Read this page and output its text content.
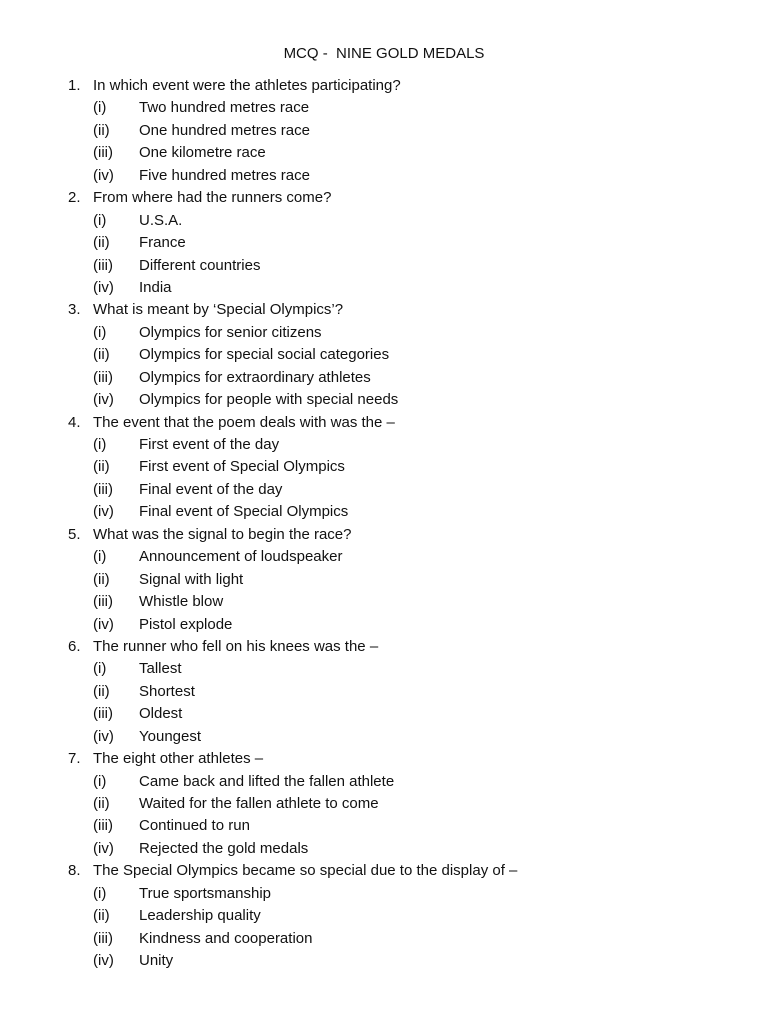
MCQ -  NINE GOLD MEDALS
1. In which event were the athletes participating?
(i) Two hundred metres race
(ii) One hundred metres race
(iii) One kilometre race
(iv) Five hundred metres race
2. From where had the runners come?
(i) U.S.A.
(ii) France
(iii) Different countries
(iv) India
3. What is meant by ‘Special Olympics’?
(i) Olympics for senior citizens
(ii) Olympics for special social categories
(iii) Olympics for extraordinary athletes
(iv) Olympics for people with special needs
4. The event that the poem deals with was the –
(i) First event of the day
(ii) First event of Special Olympics
(iii) Final event of the day
(iv) Final event of Special Olympics
5. What was the signal to begin the race?
(i) Announcement of loudspeaker
(ii) Signal with light
(iii) Whistle blow
(iv) Pistol explode
6. The runner who fell on his knees was the –
(i) Tallest
(ii) Shortest
(iii) Oldest
(iv) Youngest
7. The eight other athletes –
(i) Came back and lifted the fallen athlete
(ii) Waited for the fallen athlete to come
(iii) Continued to run
(iv) Rejected the gold medals
8. The Special Olympics became so special due to the display of –
(i) True sportsmanship
(ii) Leadership quality
(iii) Kindness and cooperation
(iv) Unity
